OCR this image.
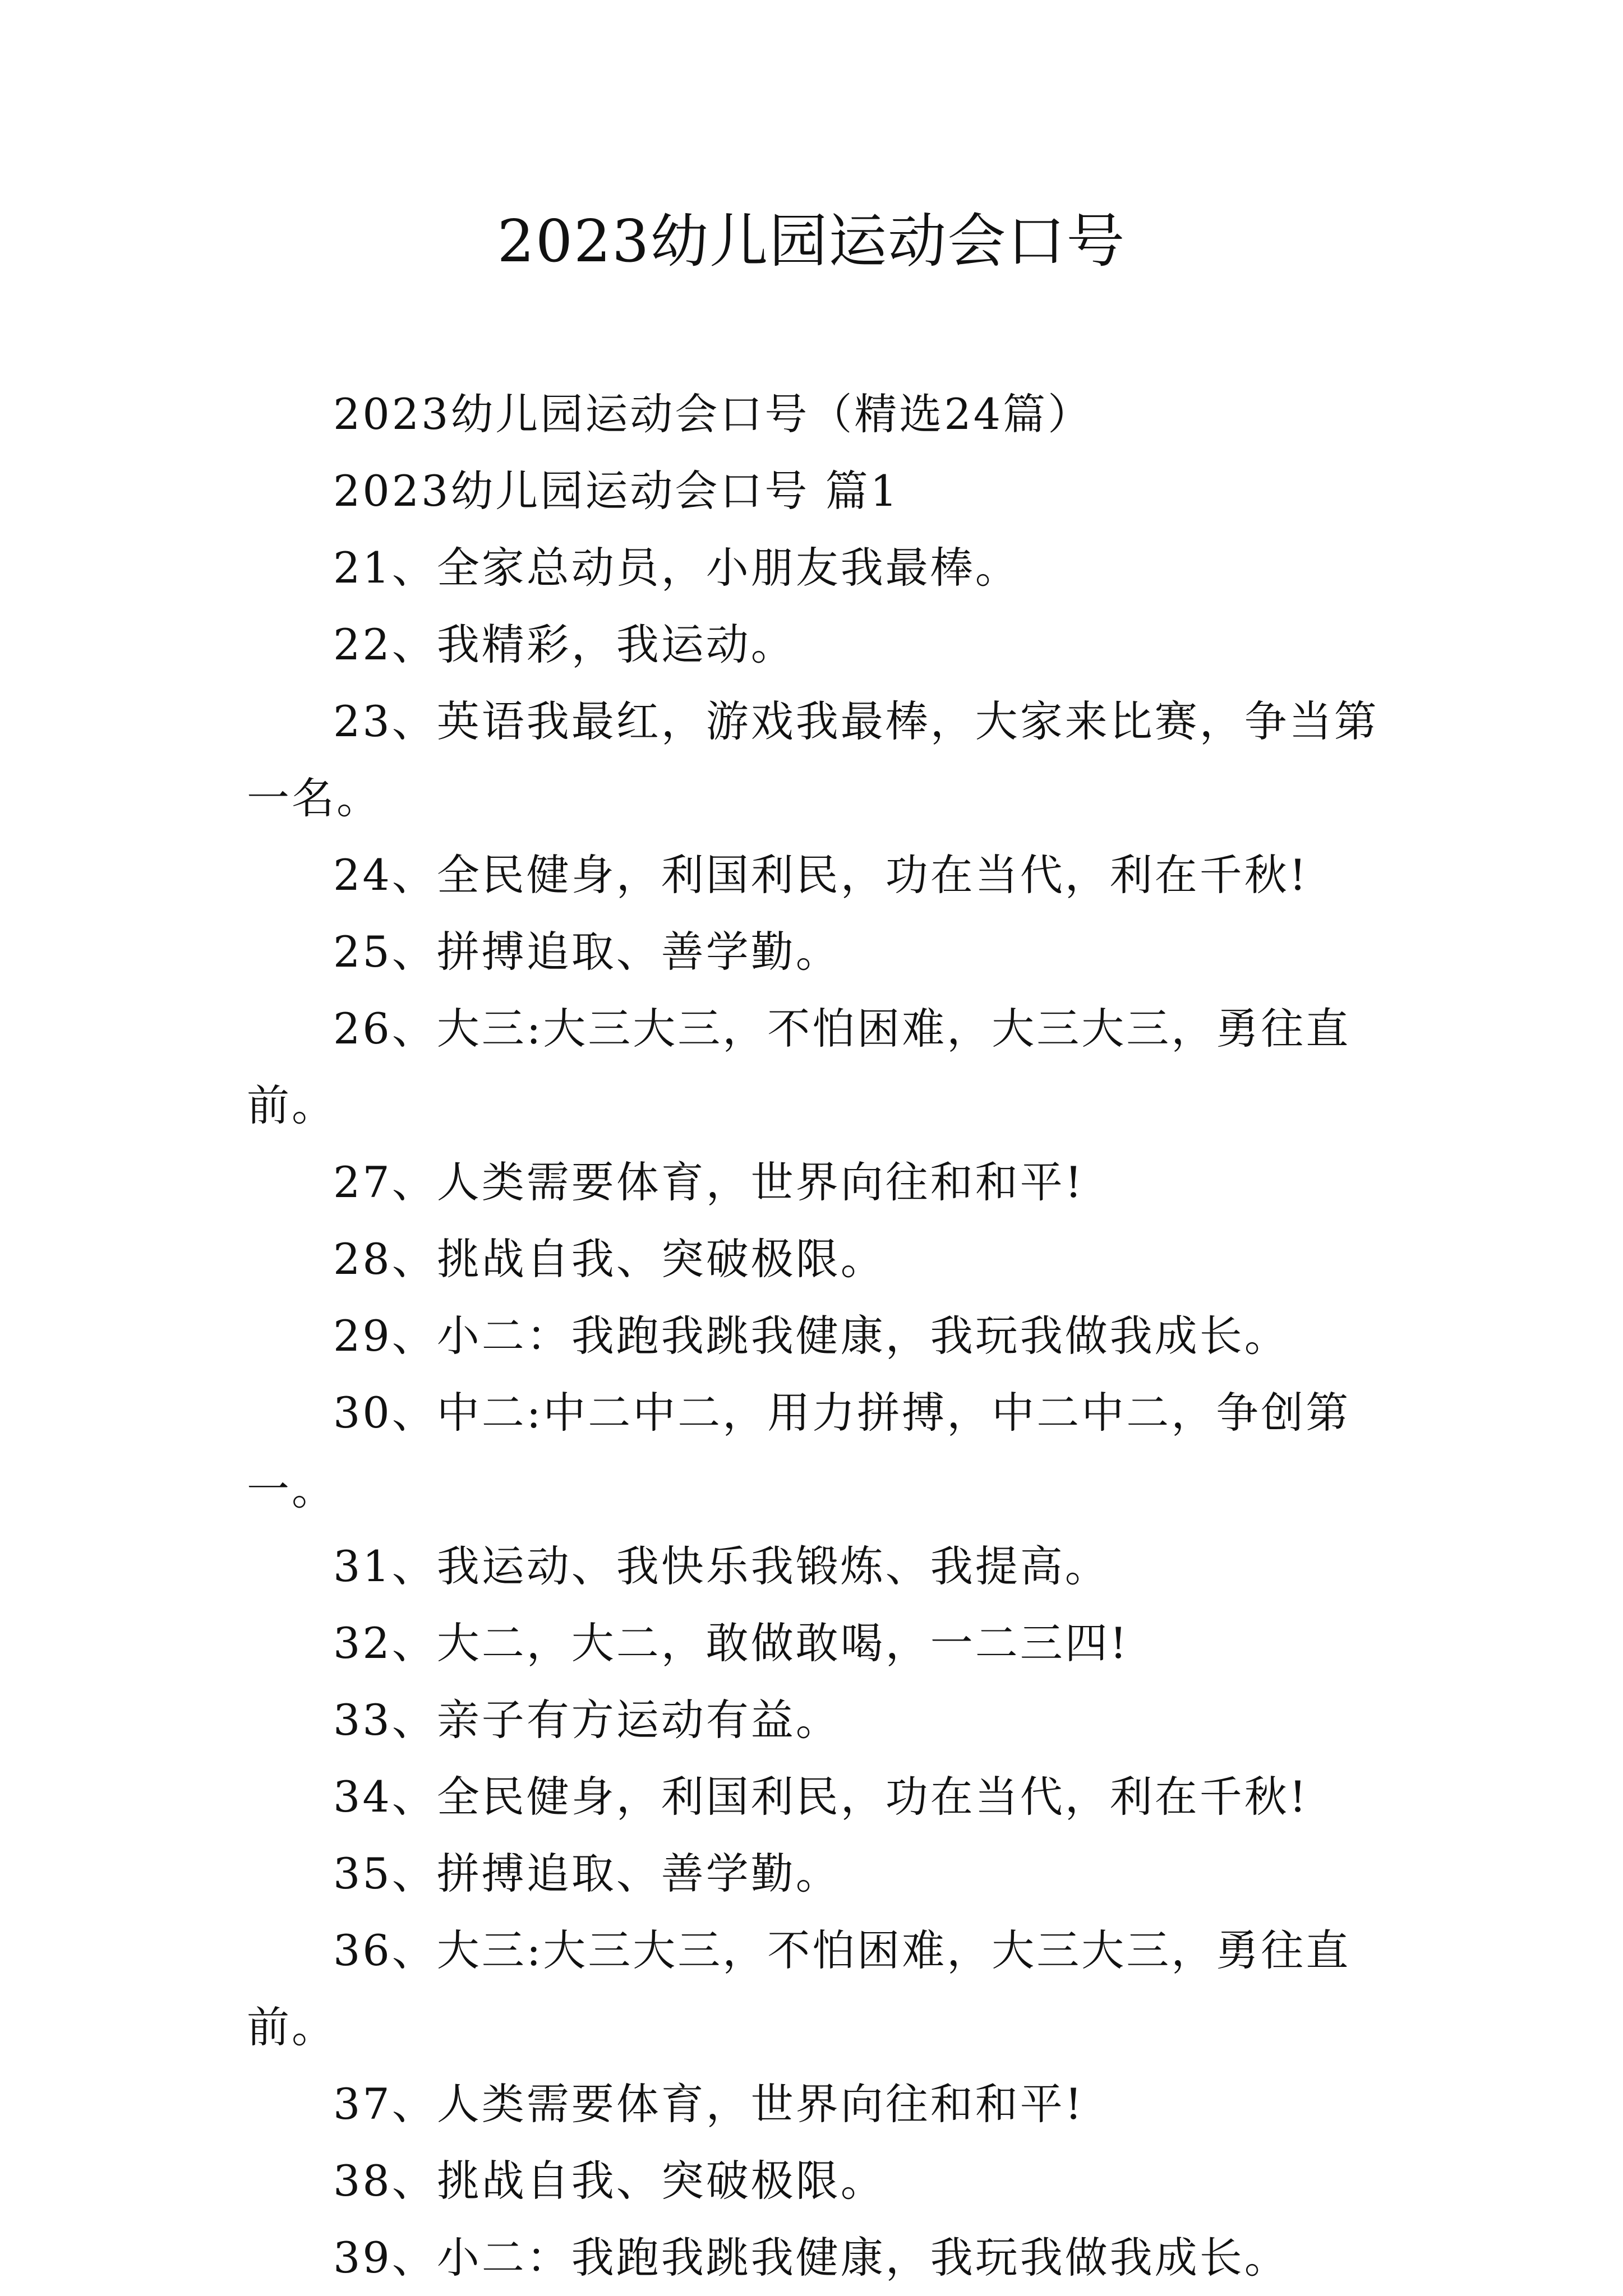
2023幼儿园运动会口号

2023幼儿园运动会口号（精选24篇）

2023幼儿园运动会口号 篇1

21、全家总动员，小朋友我最棒。

22、我精彩，我运动。

23、英语我最红，游戏我最棒，大家来比赛，争当第一名。

24、全民健身，利国利民，功在当代，利在千秋!

25、拼搏追取、善学勤。

26、大三:大三大三，不怕困难，大三大三，勇往直前。

27、人类需要体育，世界向往和和平!

28、挑战自我、突破极限。

29、小二：我跑我跳我健康，我玩我做我成长。

30、中二:中二中二，用力拼搏，中二中二，争创第一。

31、我运动、我快乐我锻炼、我提高。

32、大二，大二，敢做敢喝，一二三四!

33、亲子有方运动有益。

34、全民健身，利国利民，功在当代，利在千秋!

35、拼搏追取、善学勤。

36、大三:大三大三，不怕困难，大三大三，勇往直前。

37、人类需要体育，世界向往和和平!

38、挑战自我、突破极限。

39、小二：我跑我跳我健康，我玩我做我成长。
